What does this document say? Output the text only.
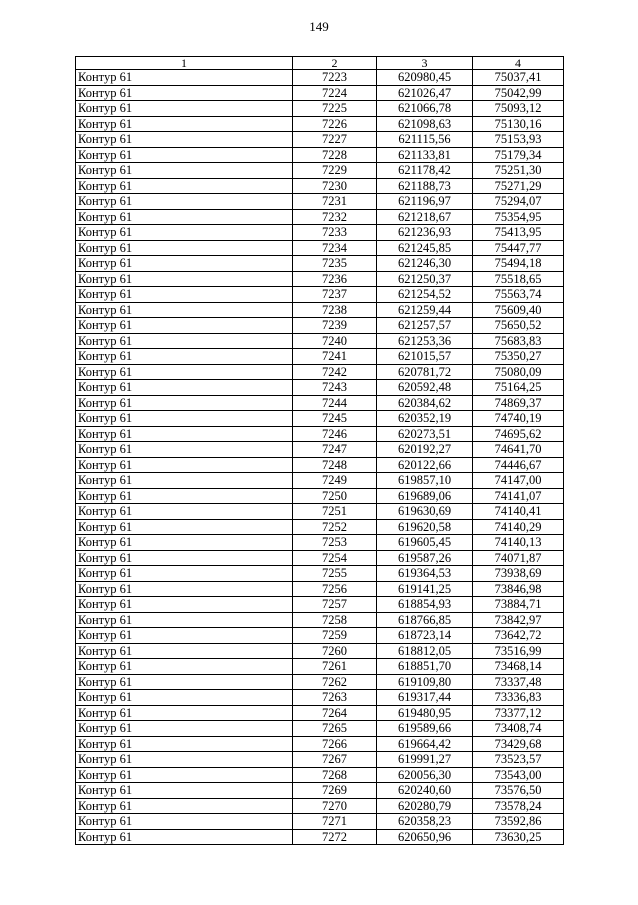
149
1	2	3	4
Контур 61	7223	620980,45	75037,41
Контур 61	7224	621026,47	75042,99
Контур 61	7225	621066,78	75093,12
Контур 61	7226	621098,63	75130,16
Контур 61	7227	621115,56	75153,93
Контур 61	7228	621133,81	75179,34
Контур 61	7229	621178,42	75251,30
Контур 61	7230	621188,73	75271,29
Контур 61	7231	621196,97	75294,07
Контур 61	7232	621218,67	75354,95
Контур 61	7233	621236,93	75413,95
Контур 61	7234	621245,85	75447,77
Контур 61	7235	621246,30	75494,18
Контур 61	7236	621250,37	75518,65
Контур 61	7237	621254,52	75563,74
Контур 61	7238	621259,44	75609,40
Контур 61	7239	621257,57	75650,52
Контур 61	7240	621253,36	75683,83
Контур 61	7241	621015,57	75350,27
Контур 61	7242	620781,72	75080,09
Контур 61	7243	620592,48	75164,25
Контур 61	7244	620384,62	74869,37
Контур 61	7245	620352,19	74740,19
Контур 61	7246	620273,51	74695,62
Контур 61	7247	620192,27	74641,70
Контур 61	7248	620122,66	74446,67
Контур 61	7249	619857,10	74147,00
Контур 61	7250	619689,06	74141,07
Контур 61	7251	619630,69	74140,41
Контур 61	7252	619620,58	74140,29
Контур 61	7253	619605,45	74140,13
Контур 61	7254	619587,26	74071,87
Контур 61	7255	619364,53	73938,69
Контур 61	7256	619141,25	73846,98
Контур 61	7257	618854,93	73884,71
Контур 61	7258	618766,85	73842,97
Контур 61	7259	618723,14	73642,72
Контур 61	7260	618812,05	73516,99
Контур 61	7261	618851,70	73468,14
Контур 61	7262	619109,80	73337,48
Контур 61	7263	619317,44	73336,83
Контур 61	7264	619480,95	73377,12
Контур 61	7265	619589,66	73408,74
Контур 61	7266	619664,42	73429,68
Контур 61	7267	619991,27	73523,57
Контур 61	7268	620056,30	73543,00
Контур 61	7269	620240,60	73576,50
Контур 61	7270	620280,79	73578,24
Контур 61	7271	620358,23	73592,86
Контур 61	7272	620650,96	73630,25
